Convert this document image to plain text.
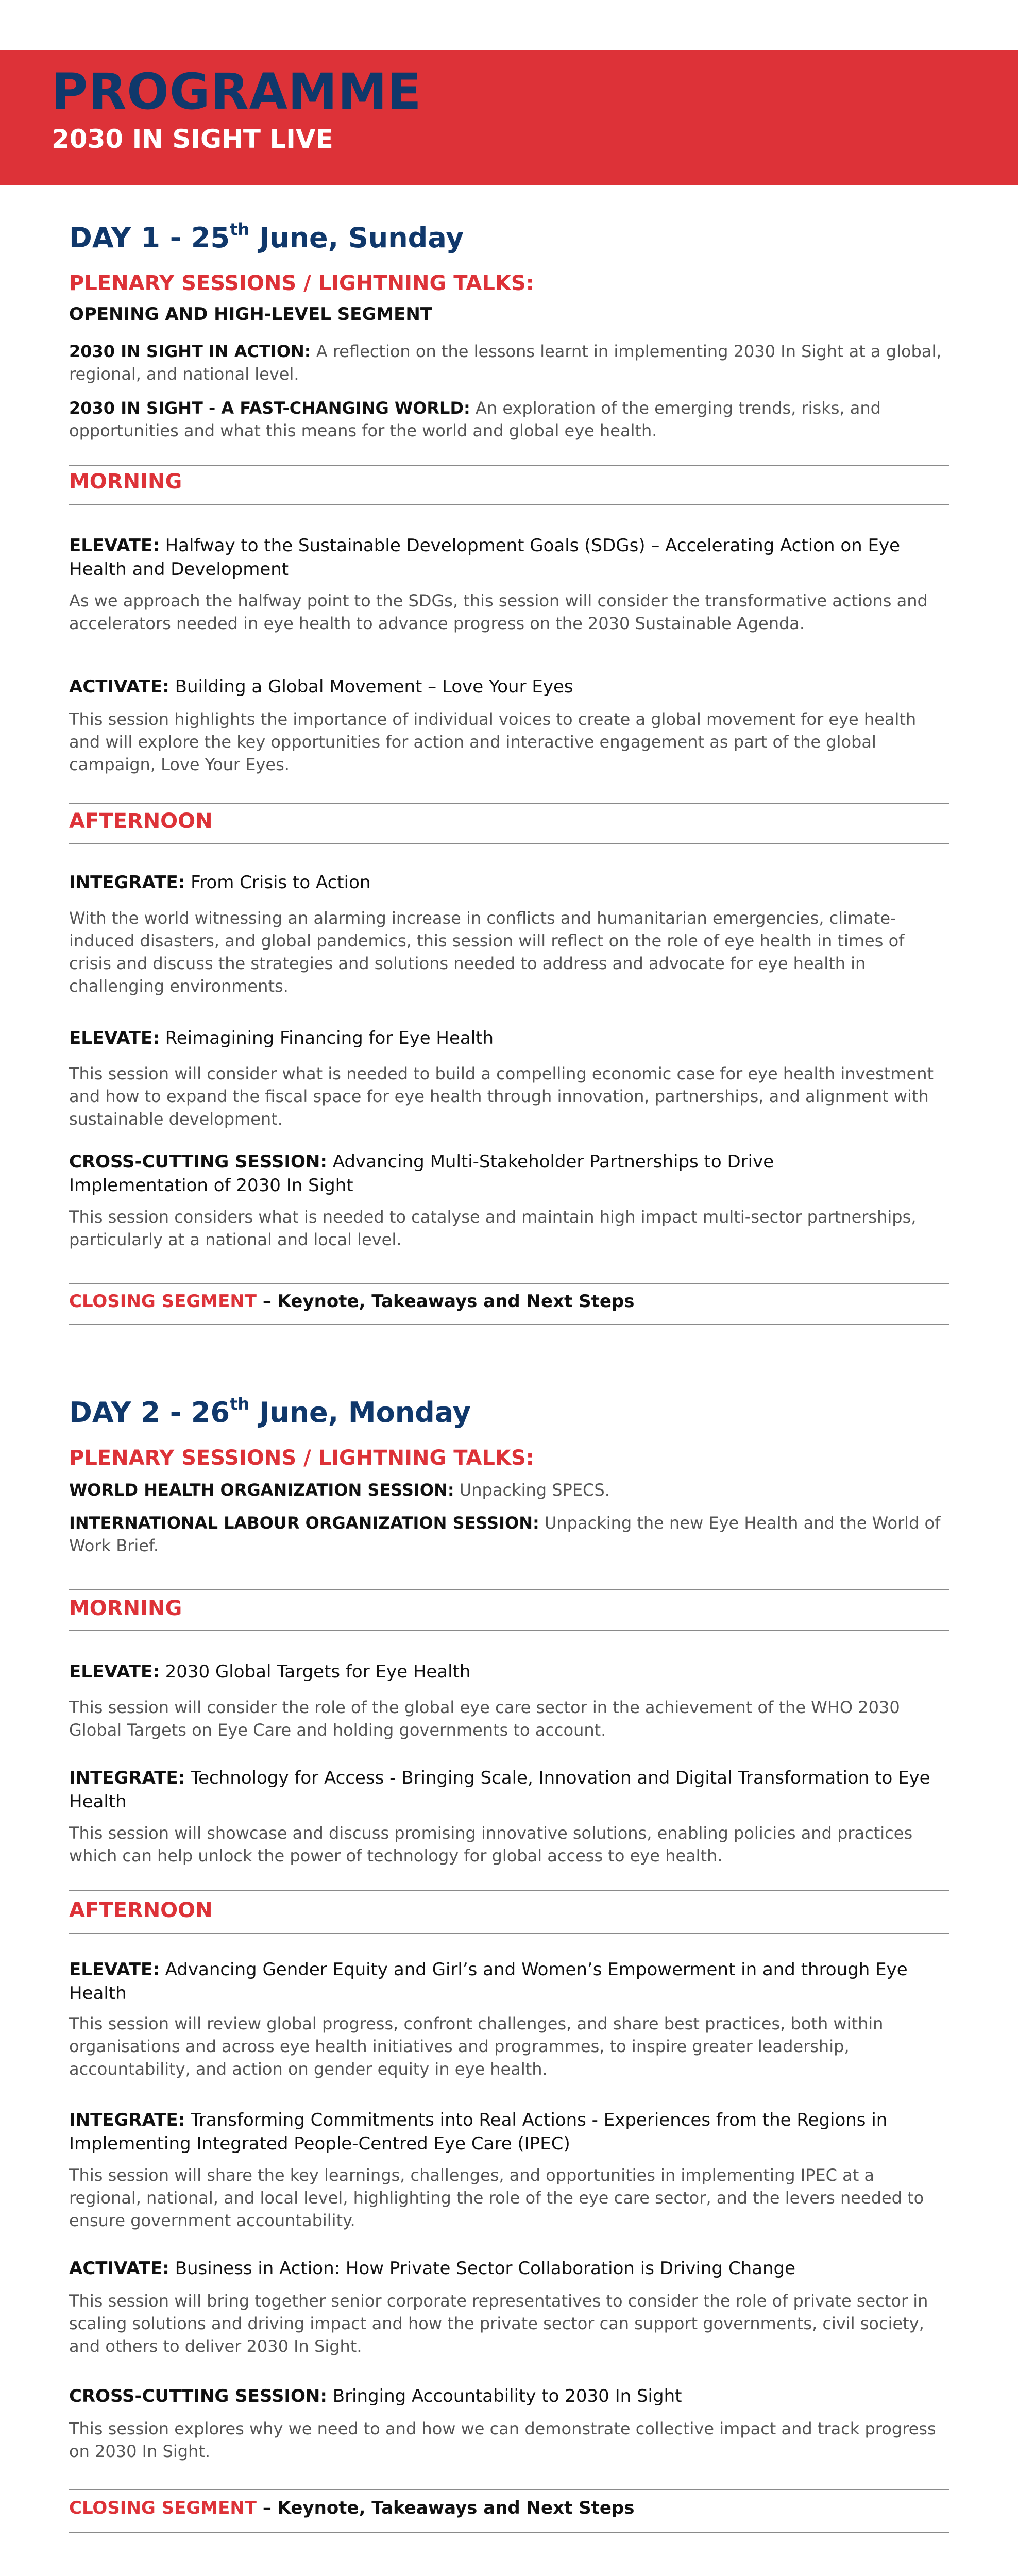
PROGRAMME
2030 IN SIGHT LIVE
DAY 1 - 25th June, Sunday
PLENARY SESSIONS / LIGHTNING TALKS:
OPENING AND HIGH-LEVEL SEGMENT
2030 IN SIGHT IN ACTION: A reflection on the lessons learnt in implementing 2030 In Sight at a global, regional, and national level.
2030 IN SIGHT - A FAST-CHANGING WORLD: An exploration of the emerging trends, risks, and opportunities and what this means for the world and global eye health.
MORNING
ELEVATE: Halfway to the Sustainable Development Goals (SDGs) – Accelerating Action on Eye Health and Development
As we approach the halfway point to the SDGs, this session will consider the transformative actions and accelerators needed in eye health to advance progress on the 2030 Sustainable Agenda.
ACTIVATE: Building a Global Movement – Love Your Eyes
This session highlights the importance of individual voices to create a global movement for eye health and will explore the key opportunities for action and interactive engagement as part of the global campaign, Love Your Eyes.
AFTERNOON
INTEGRATE: From Crisis to Action
With the world witnessing an alarming increase in conflicts and humanitarian emergencies, climate-induced disasters, and global pandemics, this session will reflect on the role of eye health in times of crisis and discuss the strategies and solutions needed to address and advocate for eye health in challenging environments.
ELEVATE: Reimagining Financing for Eye Health
This session will consider what is needed to build a compelling economic case for eye health investment and how to expand the fiscal space for eye health through innovation, partnerships, and alignment with sustainable development.
CROSS-CUTTING SESSION: Advancing Multi-Stakeholder Partnerships to Drive Implementation of 2030 In Sight
This session considers what is needed to catalyse and maintain high impact multi-sector partnerships, particularly at a national and local level.
CLOSING SEGMENT – Keynote, Takeaways and Next Steps
DAY 2 - 26th June, Monday
PLENARY SESSIONS / LIGHTNING TALKS:
WORLD HEALTH ORGANIZATION SESSION: Unpacking SPECS.
INTERNATIONAL LABOUR ORGANIZATION SESSION: Unpacking the new Eye Health and the World of Work Brief.
MORNING
ELEVATE: 2030 Global Targets for Eye Health
This session will consider the role of the global eye care sector in the achievement of the WHO 2030 Global Targets on Eye Care and holding governments to account.
INTEGRATE: Technology for Access - Bringing Scale, Innovation and Digital Transformation to Eye Health
This session will showcase and discuss promising innovative solutions, enabling policies and practices which can help unlock the power of technology for global access to eye health.
AFTERNOON
ELEVATE: Advancing Gender Equity and Girl’s and Women’s Empowerment in and through Eye Health
This session will review global progress, confront challenges, and share best practices, both within organisations and across eye health initiatives and programmes, to inspire greater leadership, accountability, and action on gender equity in eye health.
INTEGRATE: Transforming Commitments into Real Actions - Experiences from the Regions in Implementing Integrated People-Centred Eye Care (IPEC)
This session will share the key learnings, challenges, and opportunities in implementing IPEC at a regional, national, and local level, highlighting the role of the eye care sector, and the levers needed to ensure government accountability.
ACTIVATE: Business in Action: How Private Sector Collaboration is Driving Change
This session will bring together senior corporate representatives to consider the role of private sector in scaling solutions and driving impact and how the private sector can support governments, civil society, and others to deliver 2030 In Sight.
CROSS-CUTTING SESSION: Bringing Accountability to 2030 In Sight
This session explores why we need to and how we can demonstrate collective impact and track progress on 2030 In Sight.
CLOSING SEGMENT – Keynote, Takeaways and Next Steps
